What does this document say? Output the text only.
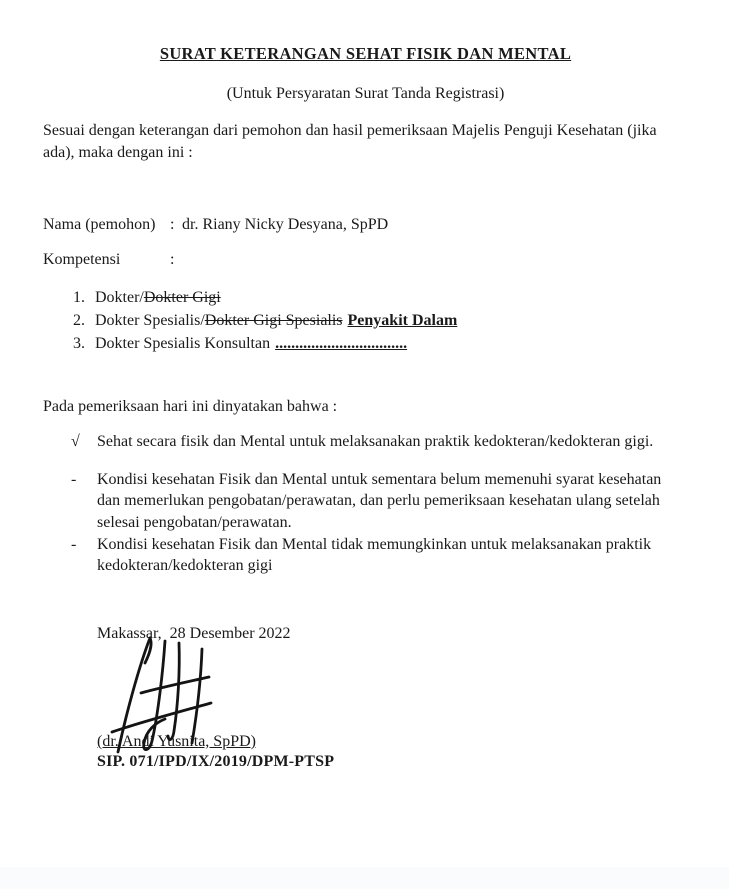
SURAT KETERANGAN SEHAT FISIK DAN MENTAL

(Untuk Persyaratan Surat Tanda Registrasi)
Sesuai dengan keterangan dari pemohon dan hasil pemeriksaan Majelis Penguji Kesehatan (jika ada), maka dengan ini :
Nama (pemohon) : dr. Riany Nicky Desyana, SpPD
Kompetensi	:
1. Dokter/Dokter Gigi
2. Dokter Spesialis/Dokter Gigi Spesialis Penyakit Dalam
3. Dokter Spesialis Konsultan .................................
Pada pemeriksaan hari ini dinyatakan bahwa :
√	Sehat secara fisik dan Mental untuk melaksanakan praktik kedokteran/kedokteran gigi.
-	Kondisi kesehatan Fisik dan Mental untuk sementara belum memenuhi syarat kesehatan dan memerlukan pengobatan/perawatan, dan perlu pemeriksaan kesehatan ulang setelah selesai pengobatan/perawatan.
-	Kondisi kesehatan Fisik dan Mental tidak memungkinkan untuk melaksanakan praktik kedokteran/kedokteran gigi
Makassar,  28 Desember 2022
(dr. Andi Yusnita, SpPD)
SIP. 071/IPD/IX/2019/DPM-PTSP
